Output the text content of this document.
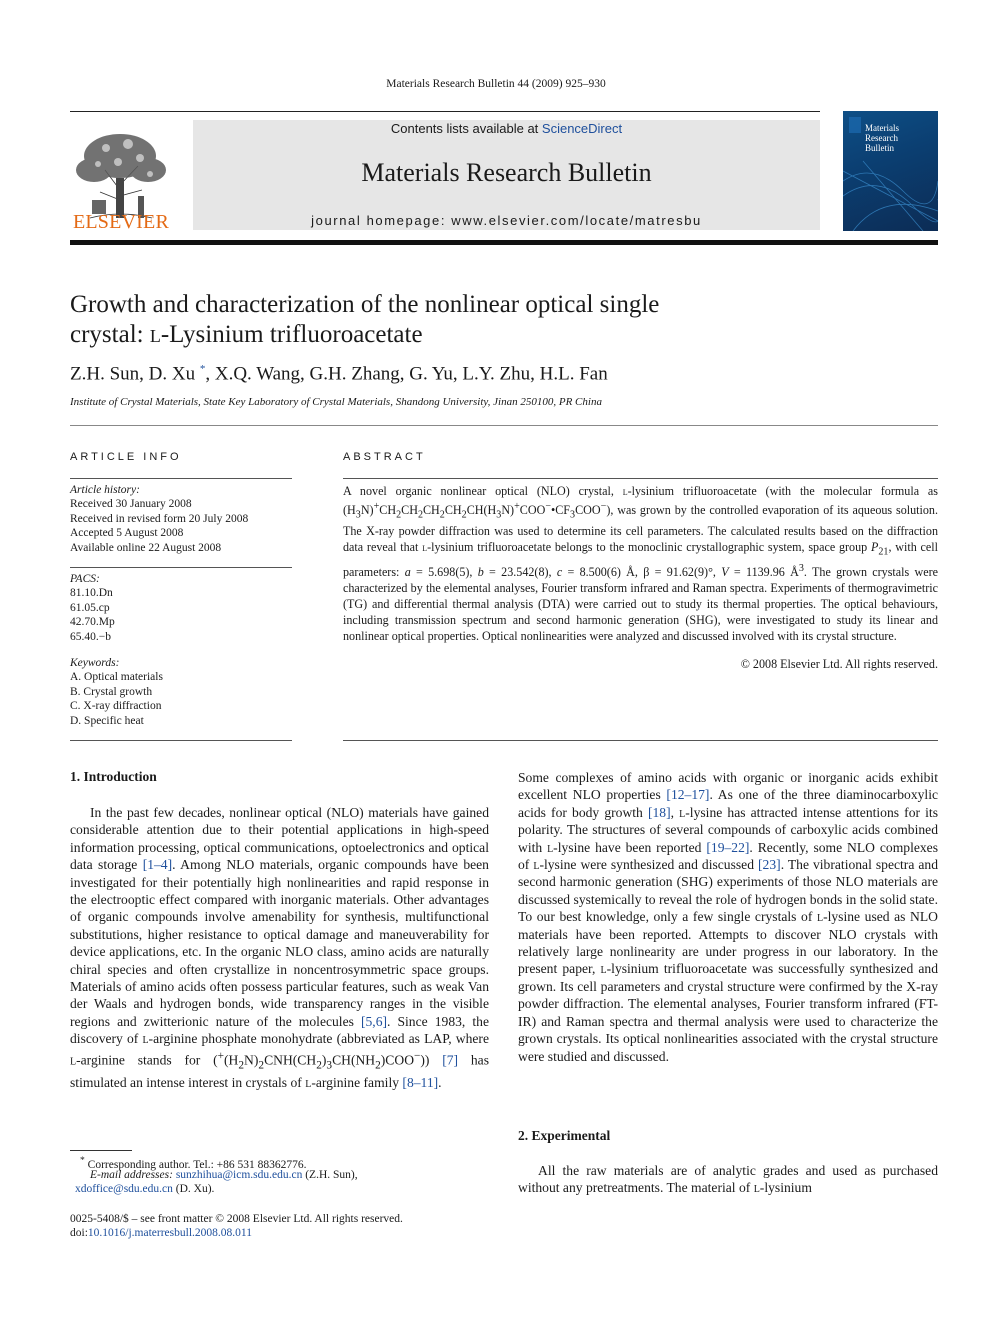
Materials Research Bulletin 44 (2009) 925–930
ELSEVIER
Contents lists available at ScienceDirect
Materials Research Bulletin
journal homepage: www.elsevier.com/locate/matresbu
Materials
Research
Bulletin
Growth and characterization of the nonlinear optical single
crystal: l-Lysinium trifluoroacetate
Z.H. Sun, D. Xu *, X.Q. Wang, G.H. Zhang, G. Yu, L.Y. Zhu, H.L. Fan
Institute of Crystal Materials, State Key Laboratory of Crystal Materials, Shandong University, Jinan 250100, PR China
ARTICLE INFO	ABSTRACT
Article history:
Received 30 January 2008
Received in revised form 20 July 2008
Accepted 5 August 2008
Available online 22 August 2008
PACS:
81.10.Dn
61.05.cp
42.70.Mp
65.40.−b
Keywords:
A. Optical materials
B. Crystal growth
C. X-ray diffraction
D. Specific heat
A novel organic nonlinear optical (NLO) crystal, l-lysinium trifluoroacetate (with the molecular formula as $(H_3N)^+CH_2CH_2CH_2CH_2CH(H_3N)^+COO^-•CF_3COO^-$), was grown by the controlled evaporation of its aqueous solution. The X-ray powder diffraction was used to determine its cell parameters. The calculated results based on the diffraction data reveal that l-lysinium trifluoroacetate belongs to the monoclinic crystallographic system, space group $P_{21}$, with cell parameters: a = 5.698(5), b = 23.542(8), c = 8.500(6) Å, β = 91.62(9)°, V = 1139.96 $Å^3$. The grown crystals were characterized by the elemental analyses, Fourier transform infrared and Raman spectra. Experiments of thermogravimetric (TG) and differential thermal analysis (DTA) were carried out to study its thermal properties. The optical behaviours, including transmission spectrum and second harmonic generation (SHG), were investigated to study its linear and nonlinear optical properties. Optical nonlinearities were analyzed and discussed involved with its crystal structure.
© 2008 Elsevier Ltd. All rights reserved.
1. Introduction
In the past few decades, nonlinear optical (NLO) materials have gained considerable attention due to their potential applications in high-speed information processing, optical communications, optoelectronics and optical data storage [1–4]. Among NLO materials, organic compounds have been investigated for their potentially high nonlinearities and rapid response in the electrooptic effect compared with inorganic materials. Other advantages of organic compounds involve amenability for synthesis, multifunctional substitutions, higher resistance to optical damage and maneuverability for device applications, etc. In the organic NLO class, amino acids are naturally chiral species and often crystallize in noncentrosymmetric space groups. Materials of amino acids often possess particular features, such as weak Van der Waals and hydrogen bonds, wide transparency ranges in the visible regions and zwitterionic nature of the molecules [5,6]. Since 1983, the discovery of l-arginine phosphate monohydrate (abbreviated as LAP, where l-arginine stands for $(^+(H_2N)_2CNH(CH_2)_3CH(NH_2)COO^-)$) [7] has stimulated an intense interest in crystals of l-arginine family [8–11].
Some complexes of amino acids with organic or inorganic acids exhibit excellent NLO properties [12–17]. As one of the three diaminocarboxylic acids for body growth [18], l-lysine has attracted intense attentions for its polarity. The structures of several compounds of carboxylic acids combined with l-lysine have been reported [19–22]. Recently, some NLO complexes of l-lysine were synthesized and discussed [23]. The vibrational spectra and second harmonic generation (SHG) experiments of those NLO materials are discussed systemically to reveal the role of hydrogen bonds in the solid state. To our best knowledge, only a few single crystals of l-lysine used as NLO materials have been reported. Attempts to discover NLO crystals with relatively large nonlinearity are under progress in our laboratory. In the present paper, l-lysinium trifluoroacetate was successfully synthesized and grown. Its cell parameters and crystal structure were confirmed by the X-ray powder diffraction. The elemental analyses, Fourier transform infrared (FT-IR) and Raman spectra and thermal analysis were used to characterize the grown crystals. Its optical nonlinearities associated with the crystal structure were studied and discussed.
2. Experimental
All the raw materials are of analytic grades and used as purchased without any pretreatments. The material of l-lysinium
* Corresponding author. Tel.: +86 531 88362776.
E-mail addresses: sunzhihua@icm.sdu.edu.cn (Z.H. Sun),
xdoffice@sdu.edu.cn (D. Xu).
0025-5408/$ – see front matter © 2008 Elsevier Ltd. All rights reserved.
doi:10.1016/j.materresbull.2008.08.011
